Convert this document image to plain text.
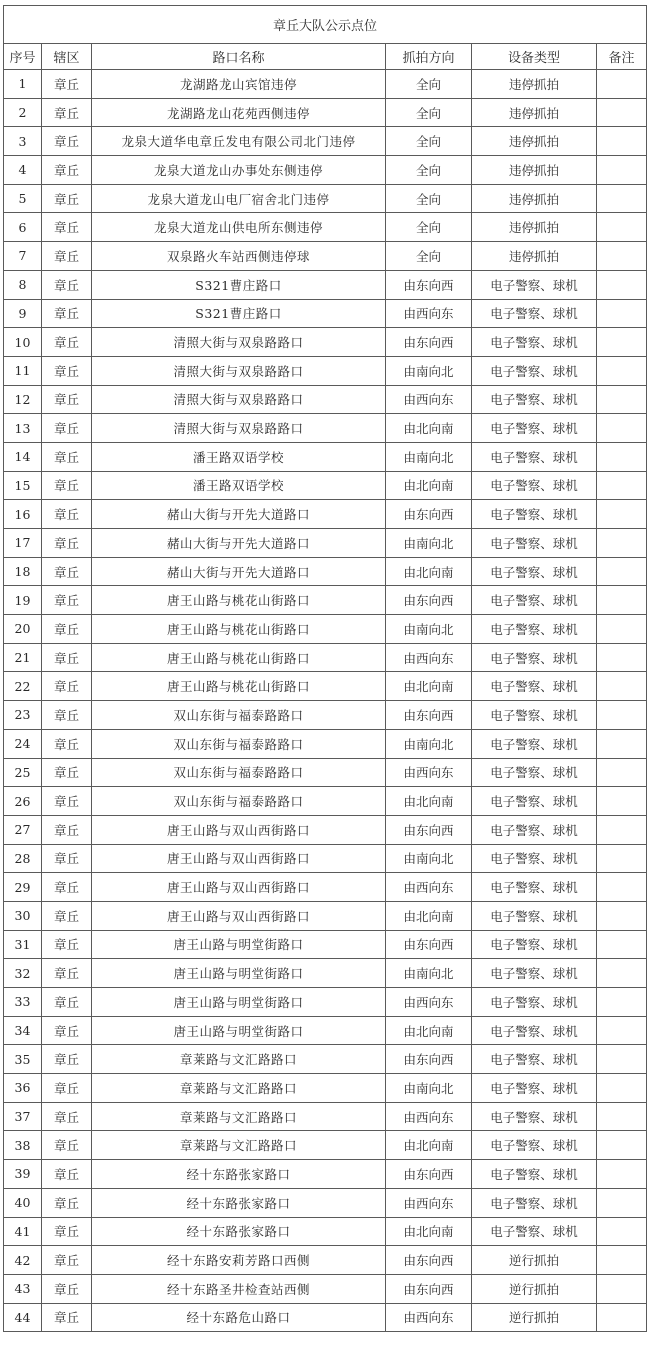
章丘大队公示点位					
序号	辖区	路口名称	抓拍方向	设备类型	备注
1	章丘	龙湖路龙山宾馆违停	全向	违停抓拍	
2	章丘	龙湖路龙山花苑西侧违停	全向	违停抓拍	
3	章丘	龙泉大道华电章丘发电有限公司北门违停	全向	违停抓拍	
4	章丘	龙泉大道龙山办事处东侧违停	全向	违停抓拍	
5	章丘	龙泉大道龙山电厂宿舍北门违停	全向	违停抓拍	
6	章丘	龙泉大道龙山供电所东侧违停	全向	违停抓拍	
7	章丘	双泉路火车站西侧违停球	全向	违停抓拍	
8	章丘	S321曹庄路口	由东向西	电子警察、球机	
9	章丘	S321曹庄路口	由西向东	电子警察、球机	
10	章丘	清照大街与双泉路路口	由东向西	电子警察、球机	
11	章丘	清照大街与双泉路路口	由南向北	电子警察、球机	
12	章丘	清照大街与双泉路路口	由西向东	电子警察、球机	
13	章丘	清照大街与双泉路路口	由北向南	电子警察、球机	
14	章丘	潘王路双语学校	由南向北	电子警察、球机	
15	章丘	潘王路双语学校	由北向南	电子警察、球机	
16	章丘	赭山大街与开先大道路口	由东向西	电子警察、球机	
17	章丘	赭山大街与开先大道路口	由南向北	电子警察、球机	
18	章丘	赭山大街与开先大道路口	由北向南	电子警察、球机	
19	章丘	唐王山路与桃花山街路口	由东向西	电子警察、球机	
20	章丘	唐王山路与桃花山街路口	由南向北	电子警察、球机	
21	章丘	唐王山路与桃花山街路口	由西向东	电子警察、球机	
22	章丘	唐王山路与桃花山街路口	由北向南	电子警察、球机	
23	章丘	双山东街与福泰路路口	由东向西	电子警察、球机	
24	章丘	双山东街与福泰路路口	由南向北	电子警察、球机	
25	章丘	双山东街与福泰路路口	由西向东	电子警察、球机	
26	章丘	双山东街与福泰路路口	由北向南	电子警察、球机	
27	章丘	唐王山路与双山西街路口	由东向西	电子警察、球机	
28	章丘	唐王山路与双山西街路口	由南向北	电子警察、球机	
29	章丘	唐王山路与双山西街路口	由西向东	电子警察、球机	
30	章丘	唐王山路与双山西街路口	由北向南	电子警察、球机	
31	章丘	唐王山路与明堂街路口	由东向西	电子警察、球机	
32	章丘	唐王山路与明堂街路口	由南向北	电子警察、球机	
33	章丘	唐王山路与明堂街路口	由西向东	电子警察、球机	
34	章丘	唐王山路与明堂街路口	由北向南	电子警察、球机	
35	章丘	章莱路与文汇路路口	由东向西	电子警察、球机	
36	章丘	章莱路与文汇路路口	由南向北	电子警察、球机	
37	章丘	章莱路与文汇路路口	由西向东	电子警察、球机	
38	章丘	章莱路与文汇路路口	由北向南	电子警察、球机	
39	章丘	经十东路张家路口	由东向西	电子警察、球机	
40	章丘	经十东路张家路口	由西向东	电子警察、球机	
41	章丘	经十东路张家路口	由北向南	电子警察、球机	
42	章丘	经十东路安莉芳路口西侧	由东向西	逆行抓拍	
43	章丘	经十东路圣井检查站西侧	由东向西	逆行抓拍	
44	章丘	经十东路危山路口	由西向东	逆行抓拍	
